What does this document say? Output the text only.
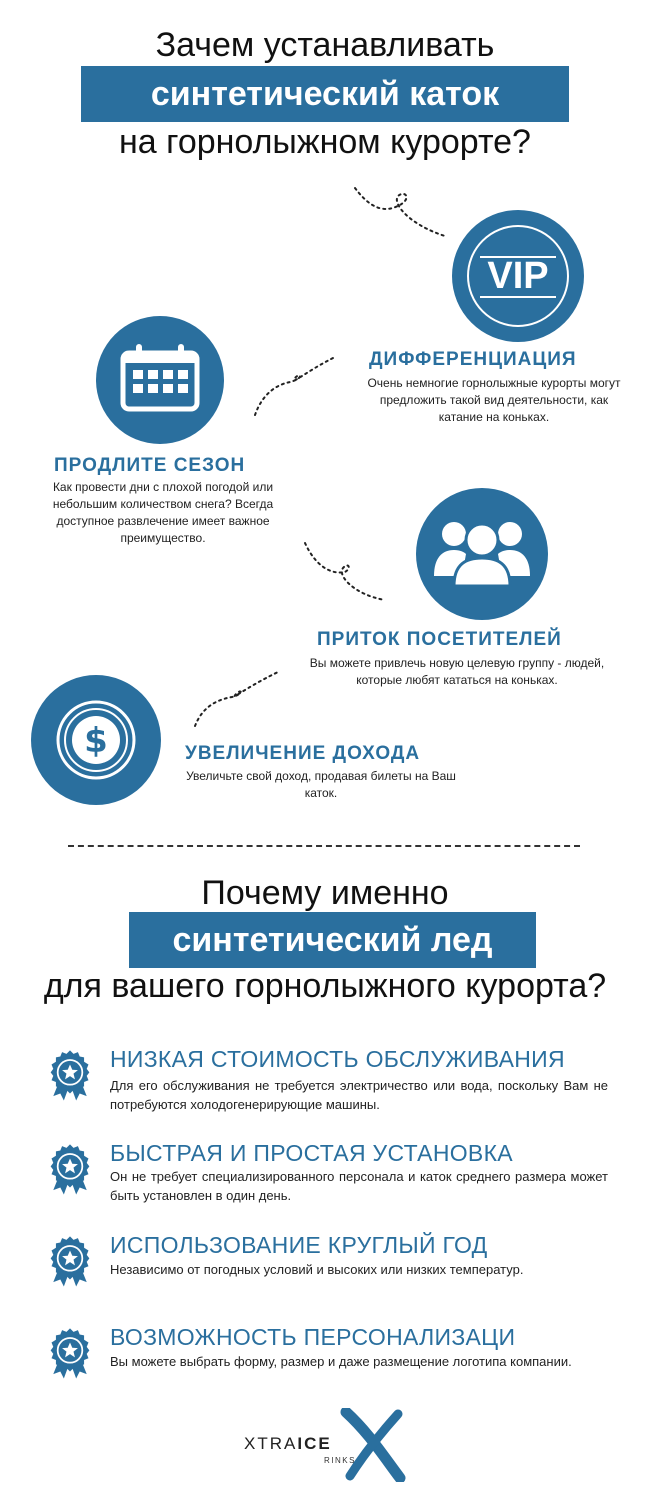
Зачем устанавливать
синтетический каток
на горнолыжном курорте?
VIP
ДИФФЕРЕНЦИАЦИЯ
Очень немногие горнолыжные курорты могут предложить такой вид деятельности, как катание на коньках.
ПРОДЛИТЕ СЕЗОН
Как провести дни с плохой погодой или небольшим количеством снега? Всегда доступное развлечение имеет важное преимущество.
ПРИТОК ПОСЕТИТЕЛЕЙ
Вы можете привлечь новую целевую группу - людей, которые любят кататься на коньках.
$	УВЕЛИЧЕНИЕ ДОХОДА
Увеличьте свой доход, продавая билеты на Ваш каток.
Почему именно
синтетический лед
для вашего горнолыжного курорта?
НИЗКАЯ СТОИМОСТЬ ОБСЛУЖИВАНИЯ
Для его обслуживания не требуется электричество или вода, поскольку Вам не потребуются холодогенерирующие машины.
БЫСТРАЯ И ПРОСТАЯ УСТАНОВКА
Он не требует специализированного персонала и каток среднего размера может быть установлен в один день.
ИСПОЛЬЗОВАНИЕ КРУГЛЫЙ ГОД
Независимо от погодных условий и высоких или низких температур.
ВОЗМОЖНОСТЬ ПЕРСОНАЛИЗАЦИ
Вы можете выбрать форму, размер и даже размещение логотипа компании.
XTRAICE
RINKS
